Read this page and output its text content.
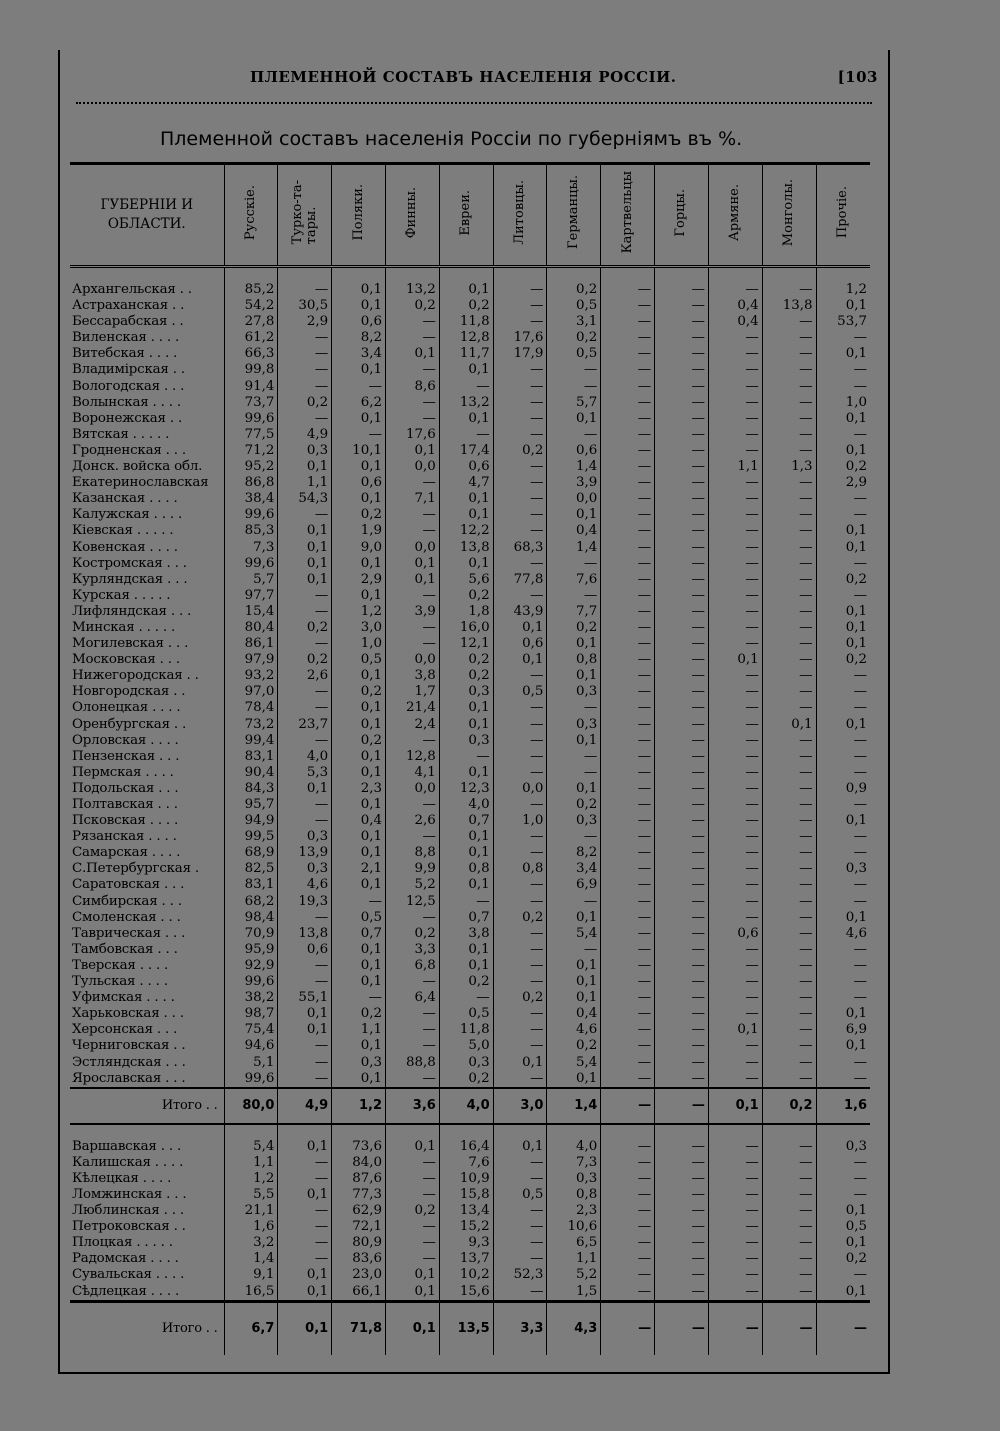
ПЛЕМЕННОЙ СОСТАВЪ НАСЕЛЕНІЯ РОССІИ.	[103
Племенной составъ населенія Россіи по губерніямъ въ %.
ГУБЕРНІИ И
ОБЛАСТИ.	Русскіе.	Турко-та-
тары.	Поляки.	Финны.	Евреи.	Литовцы.	Германцы.	Картвельцы	Горцы.	Армяне.	Монголы.	Прочіе.

Архангельская . .	85,2	—	0,1	13,2	0,1	—	0,2	—	—	—	—	1,2
Астраханская . .	54,2	30,5	0,1	0,2	0,2	—	0,5	—	—	0,4	13,8	0,1
Бессарабская . .	27,8	2,9	0,6	—	11,8	—	3,1	—	—	0,4	—	53,7
Виленская . . . .	61,2	—	8,2	—	12,8	17,6	0,2	—	—	—	—	—
Витебская . . . .	66,3	—	3,4	0,1	11,7	17,9	0,5	—	—	—	—	0,1
Владимірская . .	99,8	—	0,1	—	0,1	—	—	—	—	—	—	—
Вологодская . . .	91,4	—	—	8,6	—	—	—	—	—	—	—	—
Волынская . . . .	73,7	0,2	6,2	—	13,2	—	5,7	—	—	—	—	1,0
Воронежская . .	99,6	—	0,1	—	0,1	—	0,1	—	—	—	—	0,1
Вятская . . . . .	77,5	4,9	—	17,6	—	—	—	—	—	—	—	—
Гродненская . . .	71,2	0,3	10,1	0,1	17,4	0,2	0,6	—	—	—	—	0,1
Донск. войска обл.	95,2	0,1	0,1	0,0	0,6	—	1,4	—	—	1,1	1,3	0,2
Екатеринославская	86,8	1,1	0,6	—	4,7	—	3,9	—	—	—	—	2,9
Казанская . . . .	38,4	54,3	0,1	7,1	0,1	—	0,0	—	—	—	—	—
Калужская . . . .	99,6	—	0,2	—	0,1	—	0,1	—	—	—	—	—
Кіевская . . . . .	85,3	0,1	1,9	—	12,2	—	0,4	—	—	—	—	0,1
Ковенская . . . .	7,3	0,1	9,0	0,0	13,8	68,3	1,4	—	—	—	—	0,1
Костромская . . .	99,6	0,1	0,1	0,1	0,1	—	—	—	—	—	—	—
Курляндская . . .	5,7	0,1	2,9	0,1	5,6	77,8	7,6	—	—	—	—	0,2
Курская . . . . .	97,7	—	0,1	—	0,2	—	—	—	—	—	—	—
Лифляндская . . .	15,4	—	1,2	3,9	1,8	43,9	7,7	—	—	—	—	0,1
Минская . . . . .	80,4	0,2	3,0	—	16,0	0,1	0,2	—	—	—	—	0,1
Могилевская . . .	86,1	—	1,0	—	12,1	0,6	0,1	—	—	—	—	0,1
Московская . . .	97,9	0,2	0,5	0,0	0,2	0,1	0,8	—	—	0,1	—	0,2
Нижегородская . .	93,2	2,6	0,1	3,8	0,2	—	0,1	—	—	—	—	—
Новгородская . .	97,0	—	0,2	1,7	0,3	0,5	0,3	—	—	—	—	—
Олонецкая . . . .	78,4	—	0,1	21,4	0,1	—	—	—	—	—	—	—
Оренбургская . .	73,2	23,7	0,1	2,4	0,1	—	0,3	—	—	—	0,1	0,1
Орловская . . . .	99,4	—	0,2	—	0,3	—	0,1	—	—	—	—	—
Пензенская . . .	83,1	4,0	0,1	12,8	—	—	—	—	—	—	—	—
Пермская . . . .	90,4	5,3	0,1	4,1	0,1	—	—	—	—	—	—	—
Подольская . . .	84,3	0,1	2,3	0,0	12,3	0,0	0,1	—	—	—	—	0,9
Полтавская . . .	95,7	—	0,1	—	4,0	—	0,2	—	—	—	—	—
Псковская . . . .	94,9	—	0,4	2,6	0,7	1,0	0,3	—	—	—	—	0,1
Рязанская . . . .	99,5	0,3	0,1	—	0,1	—	—	—	—	—	—	—
Самарская . . . .	68,9	13,9	0,1	8,8	0,1	—	8,2	—	—	—	—	—
С.Петербургская .	82,5	0,3	2,1	9,9	0,8	0,8	3,4	—	—	—	—	0,3
Саратовская . . .	83,1	4,6	0,1	5,2	0,1	—	6,9	—	—	—	—	—
Симбирская . . .	68,2	19,3	—	12,5	—	—	—	—	—	—	—	—
Смоленская . . .	98,4	—	0,5	—	0,7	0,2	0,1	—	—	—	—	0,1
Таврическая . . .	70,9	13,8	0,7	0,2	3,8	—	5,4	—	—	0,6	—	4,6
Тамбовская . . .	95,9	0,6	0,1	3,3	0,1	—	—	—	—	—	—	—
Тверская . . . .	92,9	—	0,1	6,8	0,1	—	0,1	—	—	—	—	—
Тульская . . . .	99,6	—	0,1	—	0,2	—	0,1	—	—	—	—	—
Уфимская . . . .	38,2	55,1	—	6,4	—	0,2	0,1	—	—	—	—	—
Харьковская . . .	98,7	0,1	0,2	—	0,5	—	0,4	—	—	—	—	0,1
Херсонская . . .	75,4	0,1	1,1	—	11,8	—	4,6	—	—	0,1	—	6,9
Черниговская . .	94,6	—	0,1	—	5,0	—	0,2	—	—	—	—	0,1
Эстляндская . . .	5,1	—	0,3	88,8	0,3	0,1	5,4	—	—	—	—	—
Ярославская . . .	99,6	—	0,1	—	0,2	—	0,1	—	—	—	—	—
Итого . .	80,0	4,9	1,2	3,6	4,0	3,0	1,4	—	—	0,1	0,2	1,6

Варшавская . . .	5,4	0,1	73,6	0,1	16,4	0,1	4,0	—	—	—	—	0,3
Калишская . . . .	1,1	—	84,0	—	7,6	—	7,3	—	—	—	—	—
Кѣлецкая . . . .	1,2	—	87,6	—	10,9	—	0,3	—	—	—	—	—
Ломжинская . . .	5,5	0,1	77,3	—	15,8	0,5	0,8	—	—	—	—	—
Люблинская . . .	21,1	—	62,9	0,2	13,4	—	2,3	—	—	—	—	0,1
Петроковская . .	1,6	—	72,1	—	15,2	—	10,6	—	—	—	—	0,5
Плоцкая . . . . .	3,2	—	80,9	—	9,3	—	6,5	—	—	—	—	0,1
Радомская . . . .	1,4	—	83,6	—	13,7	—	1,1	—	—	—	—	0,2
Сувальская . . . .	9,1	0,1	23,0	0,1	10,2	52,3	5,2	—	—	—	—	—
Сѣдлецкая . . . .	16,5	0,1	66,1	0,1	15,6	—	1,5	—	—	—	—	0,1
Итого . .	6,7	0,1	71,8	0,1	13,5	3,3	4,3	—	—	—	—	—
